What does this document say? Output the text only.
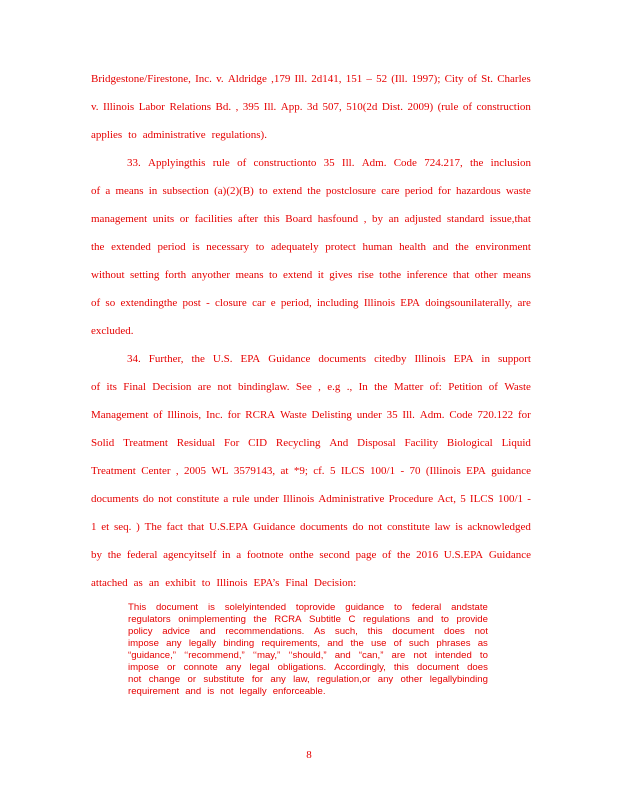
8
Bridgestone/Firestone, Inc. v. Aldridge ,179 Ill. 2d141, 151 – 52 (Ill. 1997); City of St. Charles
v. Illinois Labor Relations Bd. , 395 Ill. App. 3d 507, 510(2d Dist. 2009) (rule of construction
applies to administrative regulations).
33. Applyingthis rule of constructionto 35 Ill. Adm. Code 724.217, the inclusion
of a means in subsection (a)(2)(B) to extend the postclosure care period for hazardous waste
management units or facilities after this Board hasfound , by an adjusted standard issue,that
the extended period is necessary to adequately protect human health and the environment
without setting forth anyother means to extend it gives rise tothe inference that other means
of so extendingthe post - closure car e period, including Illinois EPA doingsounilaterally, are
excluded.
34. Further, the U.S. EPA Guidance documents citedby Illinois EPA in support
of its Final Decision are not bindinglaw. See , e.g ., In the Matter of: Petition of Waste
Management of Illinois, Inc. for RCRA Waste Delisting under 35 Ill. Adm. Code 720.122 for
Solid Treatment Residual For CID Recycling And Disposal Facility Biological Liquid
Treatment Center , 2005 WL 3579143, at *9; cf. 5 ILCS 100/1 - 70 (Illinois EPA guidance
documents do not constitute a rule under Illinois Administrative Procedure Act, 5 ILCS 100/1 -
1 et seq. ) The fact that U.S.EPA Guidance documents do not constitute law is acknowledged
by the federal agencyitself in a footnote onthe second page of the 2016 U.S.EPA Guidance
attached as an exhibit to Illinois EPA’s Final Decision:
This document is solelyintended toprovide guidance to federal andstate
regulators onimplementing the RCRA Subtitle C regulations and to provide
policy advice and recommendations. As such, this document does not
impose any legally binding requirements, and the use of such phrases as
“guidance,” ‘‘recommend,” ‘‘may,” ‘‘should,” and “can,” are not intended to
impose or connote any legal obligations. Accordingly, this document does
not change or substitute for any law, regulation,or any other legallybinding
requirement and is not legally enforceable.
